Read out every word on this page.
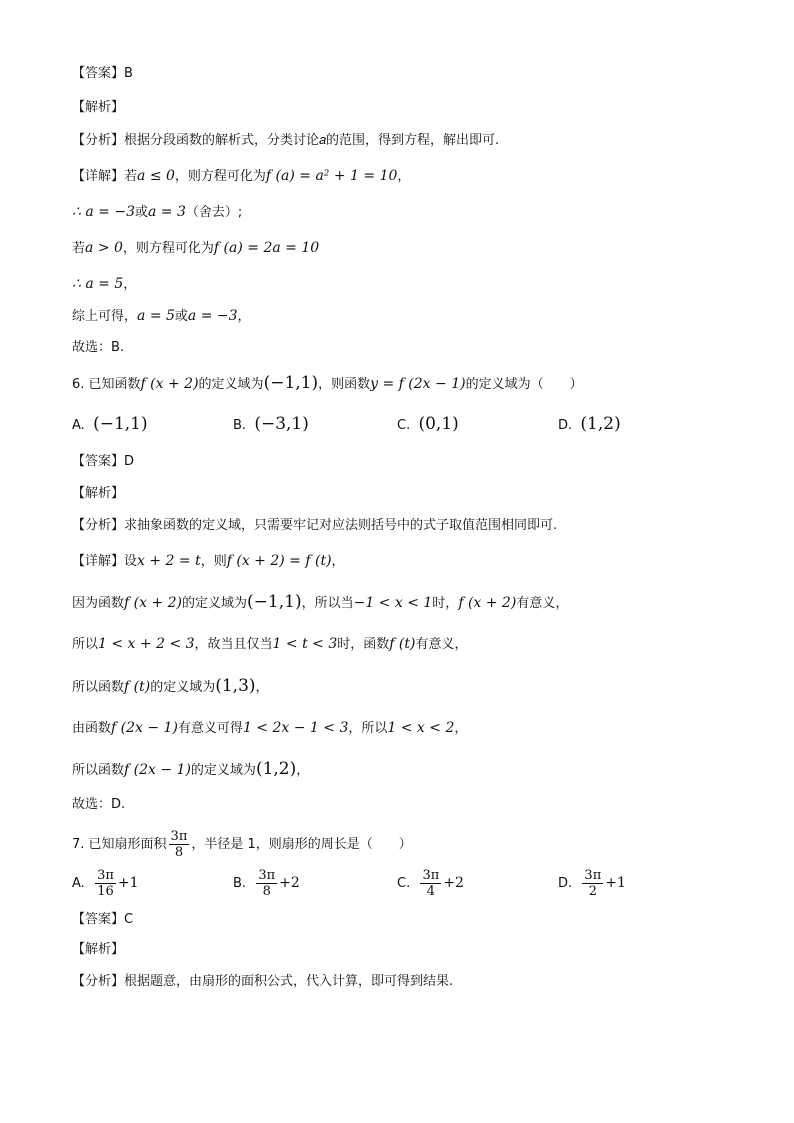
【答案】B
【解析】
【分析】根据分段函数的解析式，分类讨论𝑎的范围，得到方程，解出即可.
【详解】若a ≤ 0，则方程可化为f (a) = a² + 1 = 10，
∴ a = −3或a = 3（舍去）;
若a > 0，则方程可化为f (a) = 2a = 10
∴ a = 5，
综上可得，a = 5或a = −3，
故选：B.
6. 已知函数f (x + 2)的定义域为(−1,1)，则函数y = f (2x − 1)的定义域为（　　）
A. (−1,1)	B. (−3,1)	C. (0,1)	D. (1,2)
【答案】D
【解析】
【分析】求抽象函数的定义域，只需要牢记对应法则括号中的式子取值范围相同即可.
【详解】设x + 2 = t，则f (x + 2) = f (t)，
因为函数f (x + 2)的定义域为(−1,1)，所以当−1 < x < 1时，f (x + 2)有意义，
所以1 < x + 2 < 3，故当且仅当1 < t < 3时，函数f (t)有意义，
所以函数f (t)的定义域为(1,3)，
由函数f (2x − 1)有意义可得1 < 2x − 1 < 3，所以1 < x < 2，
所以函数f (2x − 1)的定义域为(1,2)，
故选：D.
7. 已知扇形面积 $\frac{3\pi}{8}$ ，半径是 1，则扇形的周长是（　　）
A. $\frac{3\pi}{16} +1$	B. $\frac{3\pi}{8} +2$	C. $\frac{3\pi}{4} +2$	D. $\frac{3\pi}{2} +1$
【答案】C
【解析】
【分析】根据题意，由扇形的面积公式，代入计算，即可得到结果.
